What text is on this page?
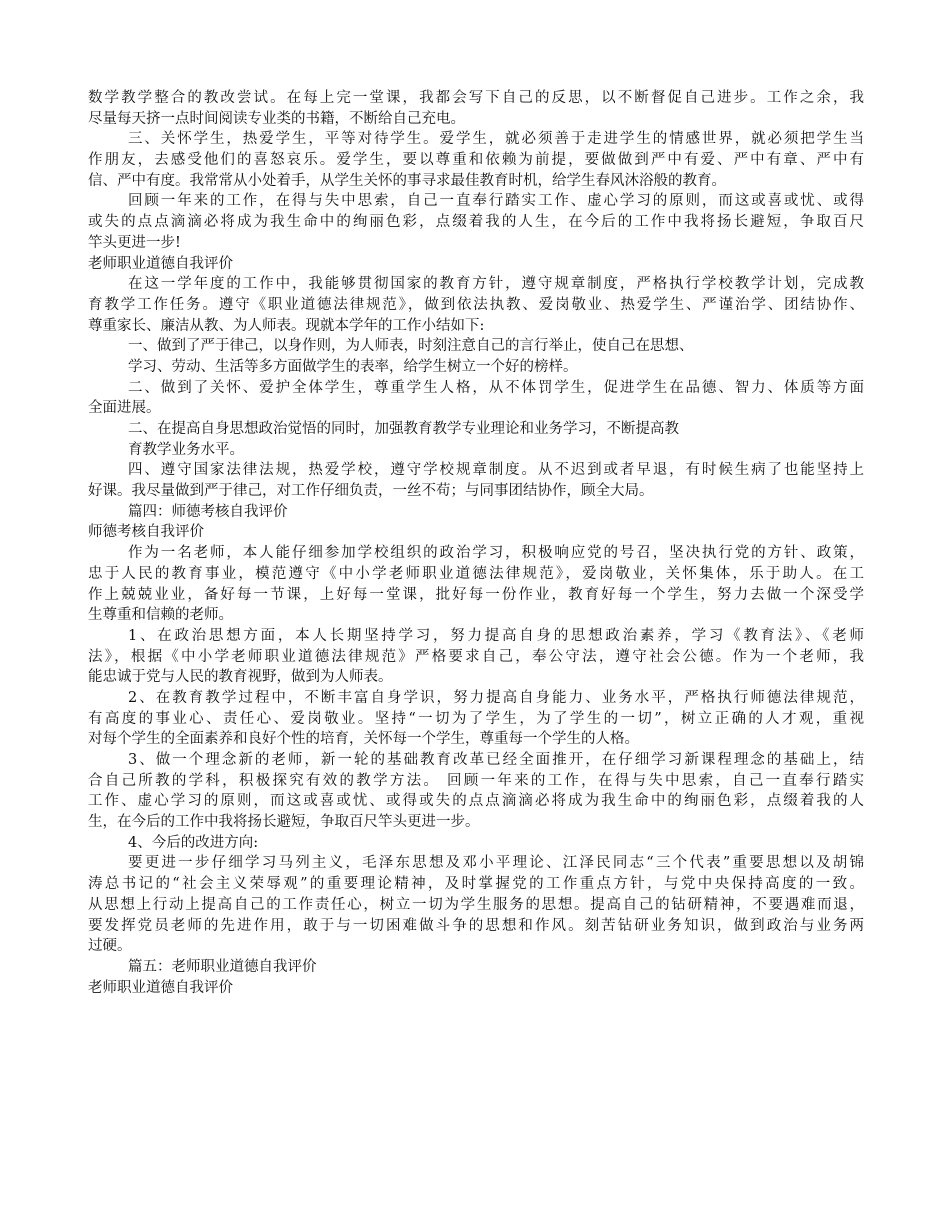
数学教学整合的教改尝试。在每上完一堂课，我都会写下自己的反思，以不断督促自己进步。工作之余，我
尽量每天挤一点时间阅读专业类的书籍，不断给自己充电。
三、关怀学生，热爱学生，平等对待学生。爱学生，就必须善于走进学生的情感世界，就必须把学生当
作朋友，去感受他们的喜怒哀乐。爱学生，要以尊重和依赖为前提，要做做到严中有爱、严中有章、严中有
信、严中有度。我常常从小处着手，从学生关怀的事寻求最佳教育时机，给学生春风沐浴般的教育。
回顾一年来的工作，在得与失中思索，自己一直奉行踏实工作、虚心学习的原则，而这或喜或忧、或得
或失的点点滴滴必将成为我生命中的绚丽色彩，点缀着我的人生，在今后的工作中我将扬长避短，争取百尺
竿头更进一步!
老师职业道德自我评价
在这一学年度的工作中，我能够贯彻国家的教育方针，遵守规章制度，严格执行学校教学计划，完成教
育教学工作任务。遵守《职业道德法律规范》，做到依法执教、爱岗敬业、热爱学生、严谨治学、团结协作、
尊重家长、廉洁从教、为人师表。现就本学年的工作小结如下:
一、做到了严于律己，以身作则，为人师表，时刻注意自己的言行举止，使自己在思想、
学习、劳动、生活等多方面做学生的表率，给学生树立一个好的榜样。
二、做到了关怀、爱护全体学生，尊重学生人格，从不体罚学生，促进学生在品德、智力、体质等方面
全面进展。
二、在提高自身思想政治觉悟的同时，加强教育教学专业理论和业务学习，不断提高教
育教学业务水平。
四、遵守国家法律法规，热爱学校，遵守学校规章制度。从不迟到或者早退，有时候生病了也能坚持上
好课。我尽量做到严于律己，对工作仔细负责，一丝不苟；与同事团结协作，顾全大局。
篇四：师德考核自我评价
师德考核自我评价
作为一名老师，本人能仔细参加学校组织的政治学习，积极响应党的号召，坚决执行党的方针、政策，
忠于人民的教育事业，模范遵守《中小学老师职业道德法律规范》，爱岗敬业，关怀集体，乐于助人。在工
作上兢兢业业，备好每一节课，上好每一堂课，批好每一份作业，教育好每一个学生，努力去做一个深受学
生尊重和信赖的老师。
1、在政治思想方面，本人长期坚持学习，努力提高自身的思想政治素养，学习《教育法》、《老师
法》，根据《中小学老师职业道德法律规范》严格要求自己，奉公守法，遵守社会公德。作为一个老师，我
能忠诚于党与人民的教育视野，做到为人师表。
2、在教育教学过程中，不断丰富自身学识，努力提高自身能力、业务水平，严格执行师德法律规范，
有高度的事业心、责任心、爱岗敬业。坚持“一切为了学生，为了学生的一切”，树立正确的人才观，重视
对每个学生的全面素养和良好个性的培育，关怀每一个学生，尊重每一个学生的人格。
3、做一个理念新的老师，新一轮的基础教育改革已经全面推开，在仔细学习新课程理念的基础上，结
合自己所教的学科，积极探究有效的教学方法。 回顾一年来的工作，在得与失中思索，自己一直奉行踏实
工作、虚心学习的原则，而这或喜或忧、或得或失的点点滴滴必将成为我生命中的绚丽色彩，点缀着我的人
生，在今后的工作中我将扬长避短，争取百尺竿头更进一步。
4、今后的改进方向:
要更进一步仔细学习马列主义，毛泽东思想及邓小平理论、江泽民同志“三个代表”重要思想以及胡锦
涛总书记的“社会主义荣辱观”的重要理论精神，及时掌握党的工作重点方针，与党中央保持高度的一致。
从思想上行动上提高自己的工作责任心，树立一切为学生服务的思想。提高自己的钻研精神，不要遇难而退，
要发挥党员老师的先进作用，敢于与一切困难做斗争的思想和作风。刻苦钻研业务知识，做到政治与业务两
过硬。
篇五：老师职业道德自我评价
老师职业道德自我评价
